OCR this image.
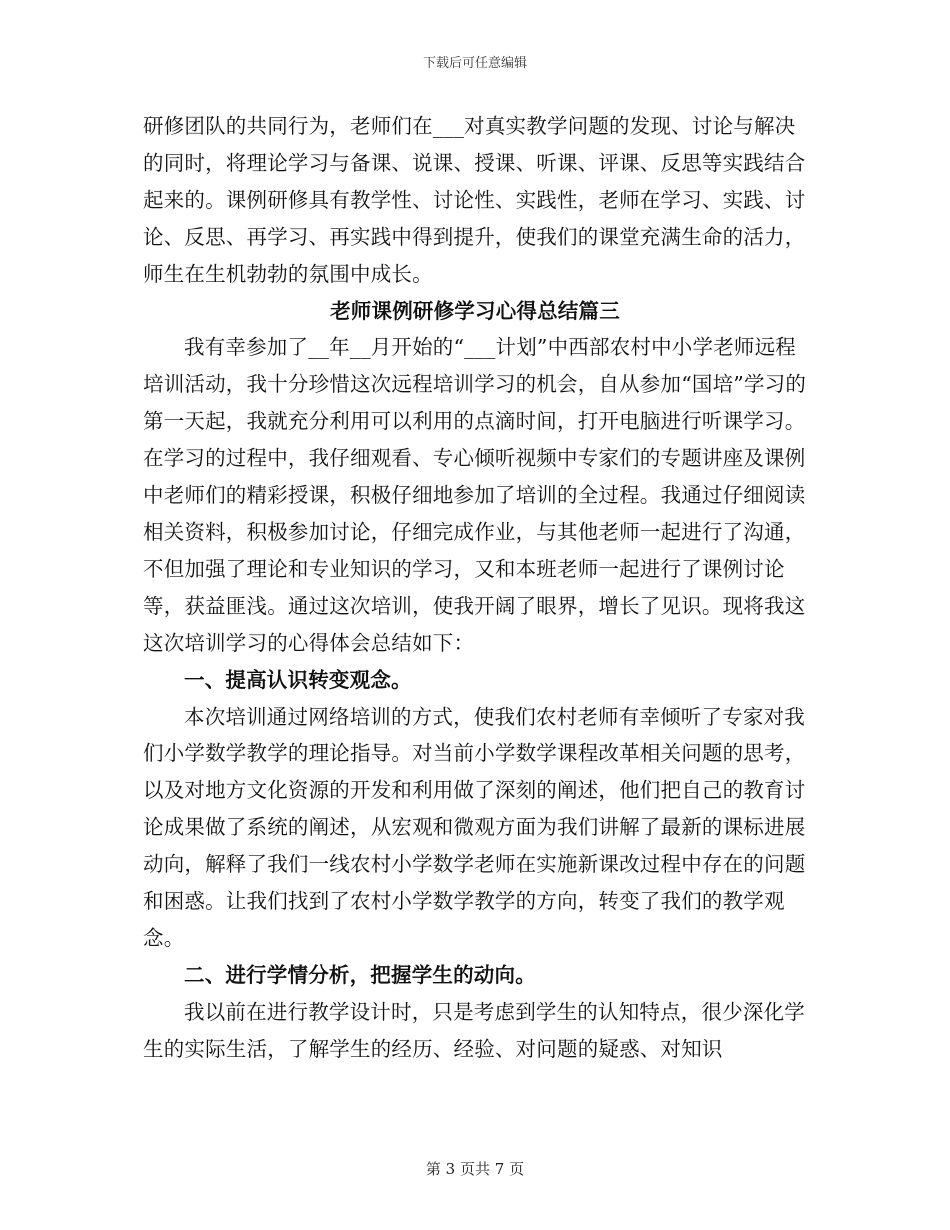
下载后可任意编辑

研修团队的共同行为，老师们在___对真实教学问题的发现、讨论与解决的同时，将理论学习与备课、说课、授课、听课、评课、反思等实践结合起来的。课例研修具有教学性、讨论性、实践性，老师在学习、实践、讨论、反思、再学习、再实践中得到提升，使我们的课堂充满生命的活力，师生在生机勃勃的氛围中成长。

老师课例研修学习心得总结篇三

我有幸参加了__年__月开始的“___计划”中西部农村中小学老师远程培训活动，我十分珍惜这次远程培训学习的机会，自从参加“国培”学习的第一天起，我就充分利用可以利用的点滴时间，打开电脑进行听课学习。在学习的过程中，我仔细观看、专心倾听视频中专家们的专题讲座及课例中老师们的精彩授课，积极仔细地参加了培训的全过程。我通过仔细阅读相关资料，积极参加讨论，仔细完成作业，与其他老师一起进行了沟通，不但加强了理论和专业知识的学习，又和本班老师一起进行了课例讨论等，获益匪浅。通过这次培训，使我开阔了眼界，增长了见识。现将我这这次培训学习的心得体会总结如下：

一、提高认识转变观念。

本次培训通过网络培训的方式，使我们农村老师有幸倾听了专家对我们小学数学教学的理论指导。对当前小学数学课程改革相关问题的思考，以及对地方文化资源的开发和利用做了深刻的阐述，他们把自己的教育讨论成果做了系统的阐述，从宏观和微观方面为我们讲解了最新的课标进展动向，解释了我们一线农村小学数学老师在实施新课改过程中存在的问题和困惑。让我们找到了农村小学数学教学的方向，转变了我们的教学观念。

二、进行学情分析，把握学生的动向。

我以前在进行教学设计时，只是考虑到学生的认知特点，很少深化学生的实际生活，了解学生的经历、经验、对问题的疑惑、对知识

第 3 页共 7 页
